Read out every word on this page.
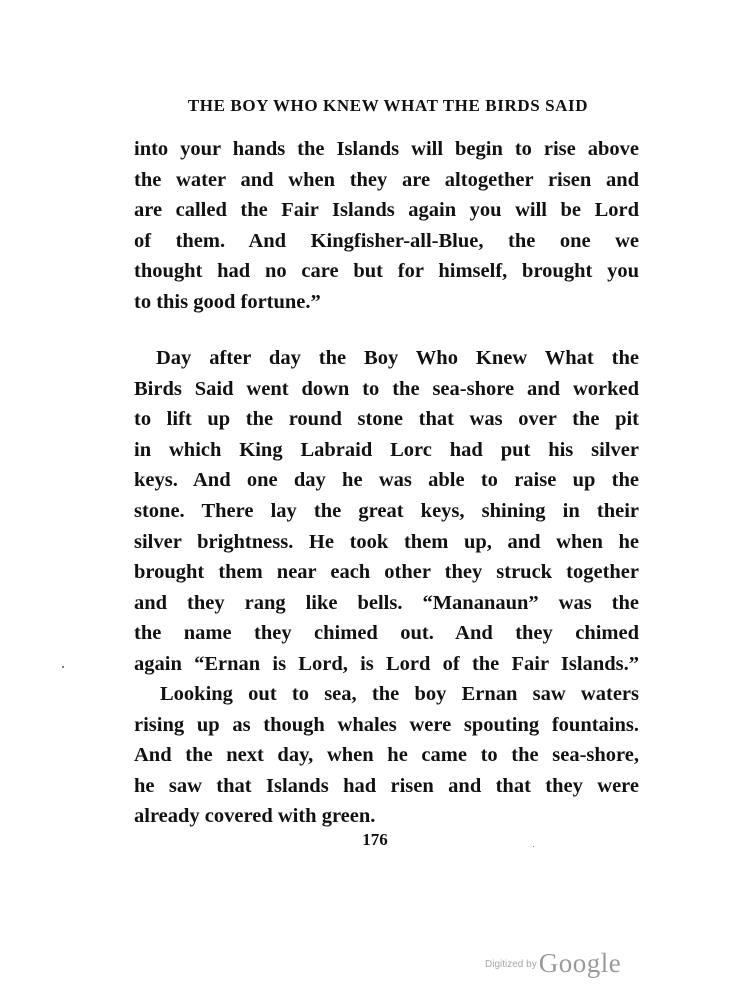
THE BOY WHO KNEW WHAT THE BIRDS SAID
into your hands the Islands will begin to rise above
the water and when they are altogether risen and
are called the Fair Islands again you will be Lord
of them. And Kingfisher-all-Blue, the one we
thought had no care but for himself, brought you
to this good fortune.”
Day after day the Boy Who Knew What the
Birds Said went down to the sea-shore and worked
to lift up the round stone that was over the pit
in which King Labraid Lorc had put his silver
keys. And one day he was able to raise up the
stone. There lay the great keys, shining in their
silver brightness. He took them up, and when he
brought them near each other they struck together
and they rang like bells. “Mananaun” was the
the name they chimed out. And they chimed
again “Ernan is Lord, is Lord of the Fair Islands.”
Looking out to sea, the boy Ernan saw waters
rising up as though whales were spouting fountains.
And the next day, when he came to the sea-shore,
he saw that Islands had risen and that they were
already covered with green.
176
$^{Digitized by}$Google
